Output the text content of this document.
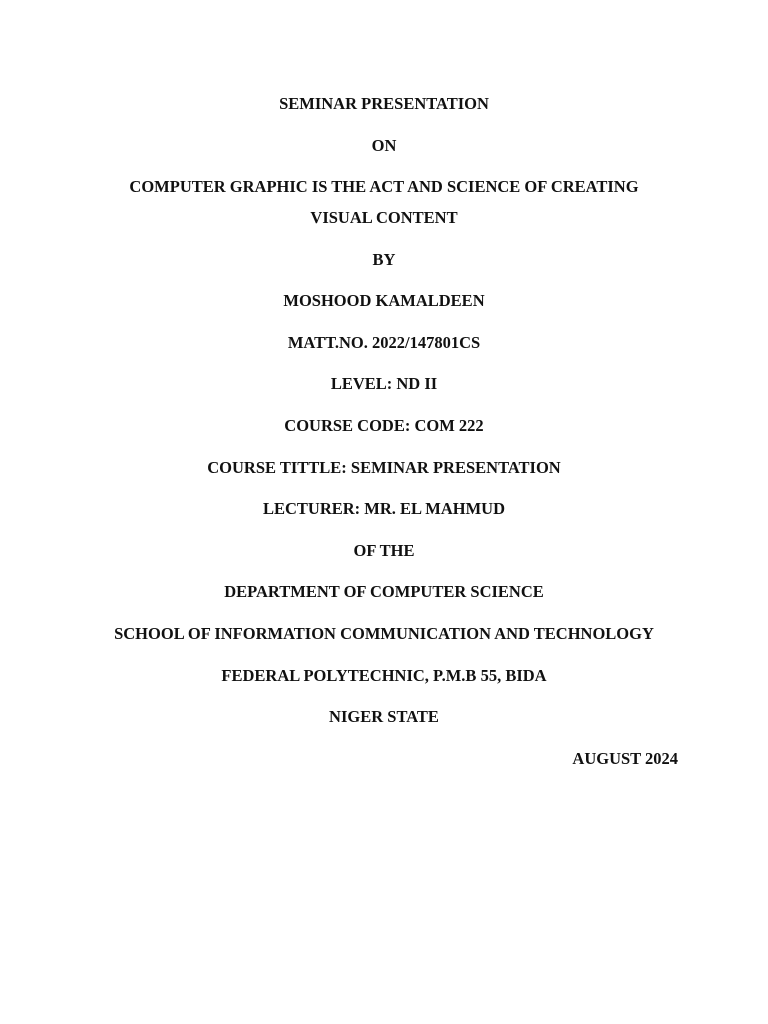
SEMINAR PRESENTATION
ON
COMPUTER GRAPHIC IS THE ACT AND SCIENCE OF CREATING
VISUAL CONTENT
BY
MOSHOOD KAMALDEEN
MATT.NO. 2022/147801CS
LEVEL: ND II
COURSE CODE: COM 222
COURSE TITTLE: SEMINAR PRESENTATION
LECTURER: MR. EL MAHMUD
OF THE
DEPARTMENT OF COMPUTER SCIENCE
SCHOOL OF INFORMATION COMMUNICATION AND TECHNOLOGY
FEDERAL POLYTECHNIC, P.M.B 55, BIDA
NIGER STATE
AUGUST 2024
